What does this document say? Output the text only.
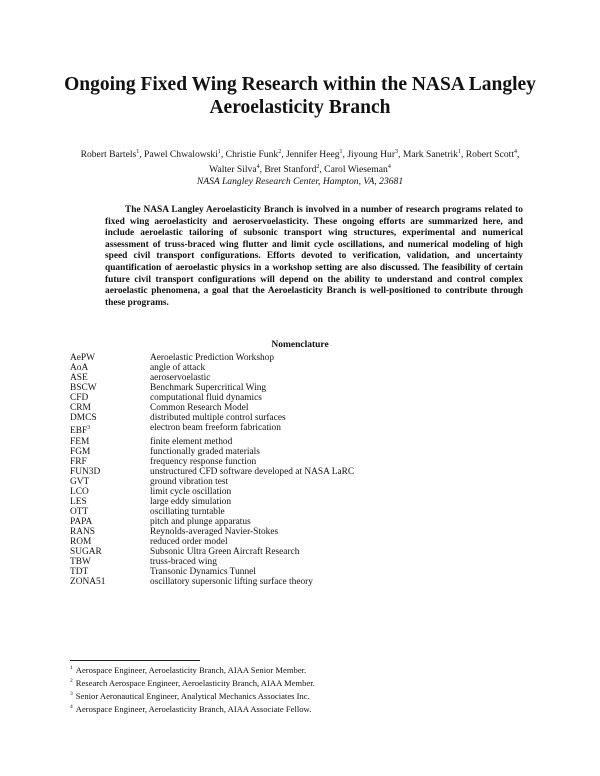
Ongoing Fixed Wing Research within the NASA Langley Aeroelasticity Branch
Robert Bartels$^1$, Pawel Chwalowski$^1$, Christie Funk$^2$, Jennifer Heeg$^1$, Jiyoung Hur$^3$, Mark Sanetrik$^1$, Robert Scott$^4$,
Walter Silva$^4$, Bret Stanford$^2$, Carol Wieseman$^4$
NASA Langley Research Center, Hampton, VA, 23681
The NASA Langley Aeroelasticity Branch is involved in a number of research programs related to fixed wing aeroelasticity and aeroservoelasticity. These ongoing efforts are summarized here, and include aeroelastic tailoring of subsonic transport wing structures, experimental and numerical assessment of truss-braced wing flutter and limit cycle oscillations, and numerical modeling of high speed civil transport configurations. Efforts devoted to verification, validation, and uncertainty quantification of aeroelastic physics in a workshop setting are also discussed. The feasibility of certain future civil transport configurations will depend on the ability to understand and control complex aeroelastic phenomena, a goal that the Aeroelasticity Branch is well-positioned to contribute through these programs.
Nomenclature
AePW	Aeroelastic Prediction Workshop
AoA	angle of attack
ASE	aeroservoelastic
BSCW	Benchmark Supercritical Wing
CFD	computational fluid dynamics
CRM	Common Research Model
DMCS	distributed multiple control surfaces
EBF$^3$	electron beam freeform fabrication
FEM	finite element method
FGM	functionally graded materials
FRF	frequency response function
FUN3D	unstructured CFD software developed at NASA LaRC
GVT	ground vibration test
LCO	limit cycle oscillation
LES	large eddy simulation
OTT	oscillating turntable
PAPA	pitch and plunge apparatus
RANS	Reynolds-averaged Navier-Stokes
ROM	reduced order model
SUGAR	Subsonic Ultra Green Aircraft Research
TBW	truss-braced wing
TDT	Transonic Dynamics Tunnel
ZONA51	oscillatory supersonic lifting surface theory
$^1$ Aerospace Engineer, Aeroelasticity Branch, AIAA Senior Member.
$^2$ Research Aerospace Engineer, Aeroelasticity Branch, AIAA Member.
$^3$ Senior Aeronautical Engineer, Analytical Mechanics Associates Inc.
$^4$ Aerospace Engineer, Aeroelasticity Branch, AIAA Associate Fellow.
